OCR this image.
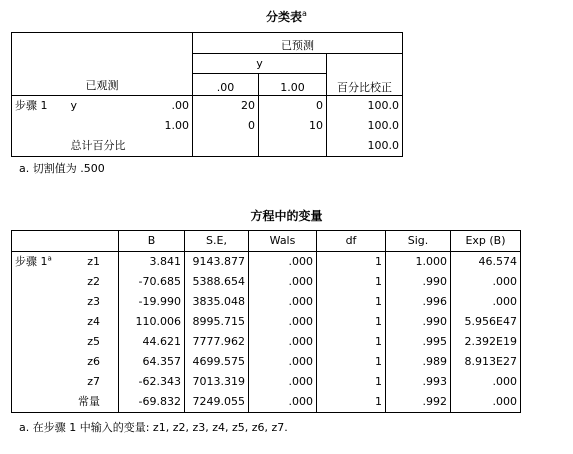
分类表$^a$
已观测			已预测		
			y		百分比校正
			.00	1.00	
步骤 1	y	.00	20	0	100.0
		1.00	0	10	100.0
	总计百分比				100.0
a. 切割值为 .500
方程中的变量
		B	S.E,	Wals	df	Sig.	Exp (B)
步骤 1$^a$	z1	3.841	9143.877	.000	1	1.000	46.574
	z2	-70.685	5388.654	.000	1	.990	.000
	z3	-19.990	3835.048	.000	1	.996	.000
	z4	110.006	8995.715	.000	1	.990	5.956E47
	z5	44.621	7777.962	.000	1	.995	2.392E19
	z6	64.357	4699.575	.000	1	.989	8.913E27
	z7	-62.343	7013.319	.000	1	.993	.000
	常量	-69.832	7249.055	.000	1	.992	.000
a. 在步骤 1 中输入的变量: z1, z2, z3, z4, z5, z6, z7.
